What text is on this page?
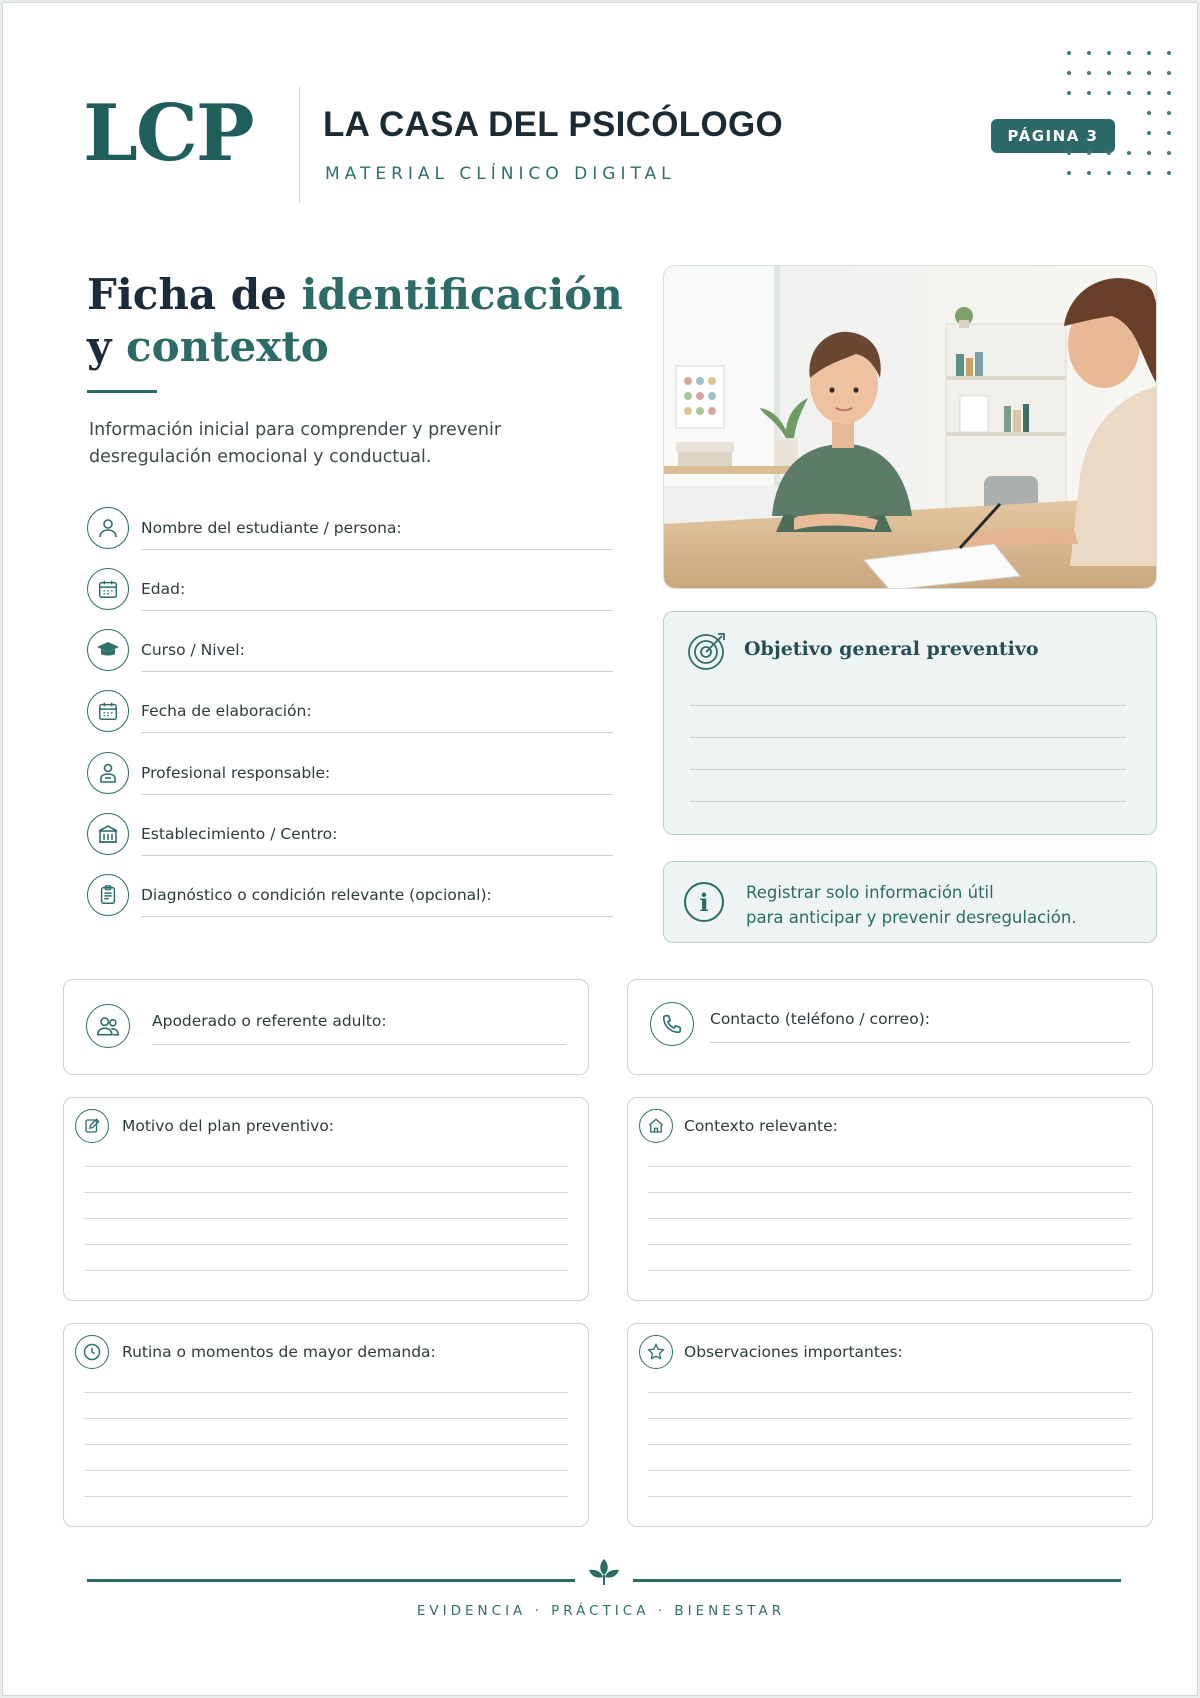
LCP LA CASA DEL PSICÓLOGO
MATERIAL CLÍNICO DIGITAL
PÁGINA 3
Ficha de identificación
y contexto
Información inicial para comprender y prevenir
desregulación emocional y conductual.
Nombre del estudiante / persona:
Edad:
Curso / Nivel:
Fecha de elaboración:
Profesional responsable:
Establecimiento / Centro:
Diagnóstico o condición relevante (opcional):
Objetivo general preventivo
i	Registrar solo información útil
para anticipar y prevenir desregulación.
Apoderado o referente adulto:	Contacto (teléfono / correo):
Motivo del plan preventivo:	Contexto relevante:
Rutina o momentos de mayor demanda:	Observaciones importantes:
EVIDENCIA · PRÁCTICA · BIENESTAR
